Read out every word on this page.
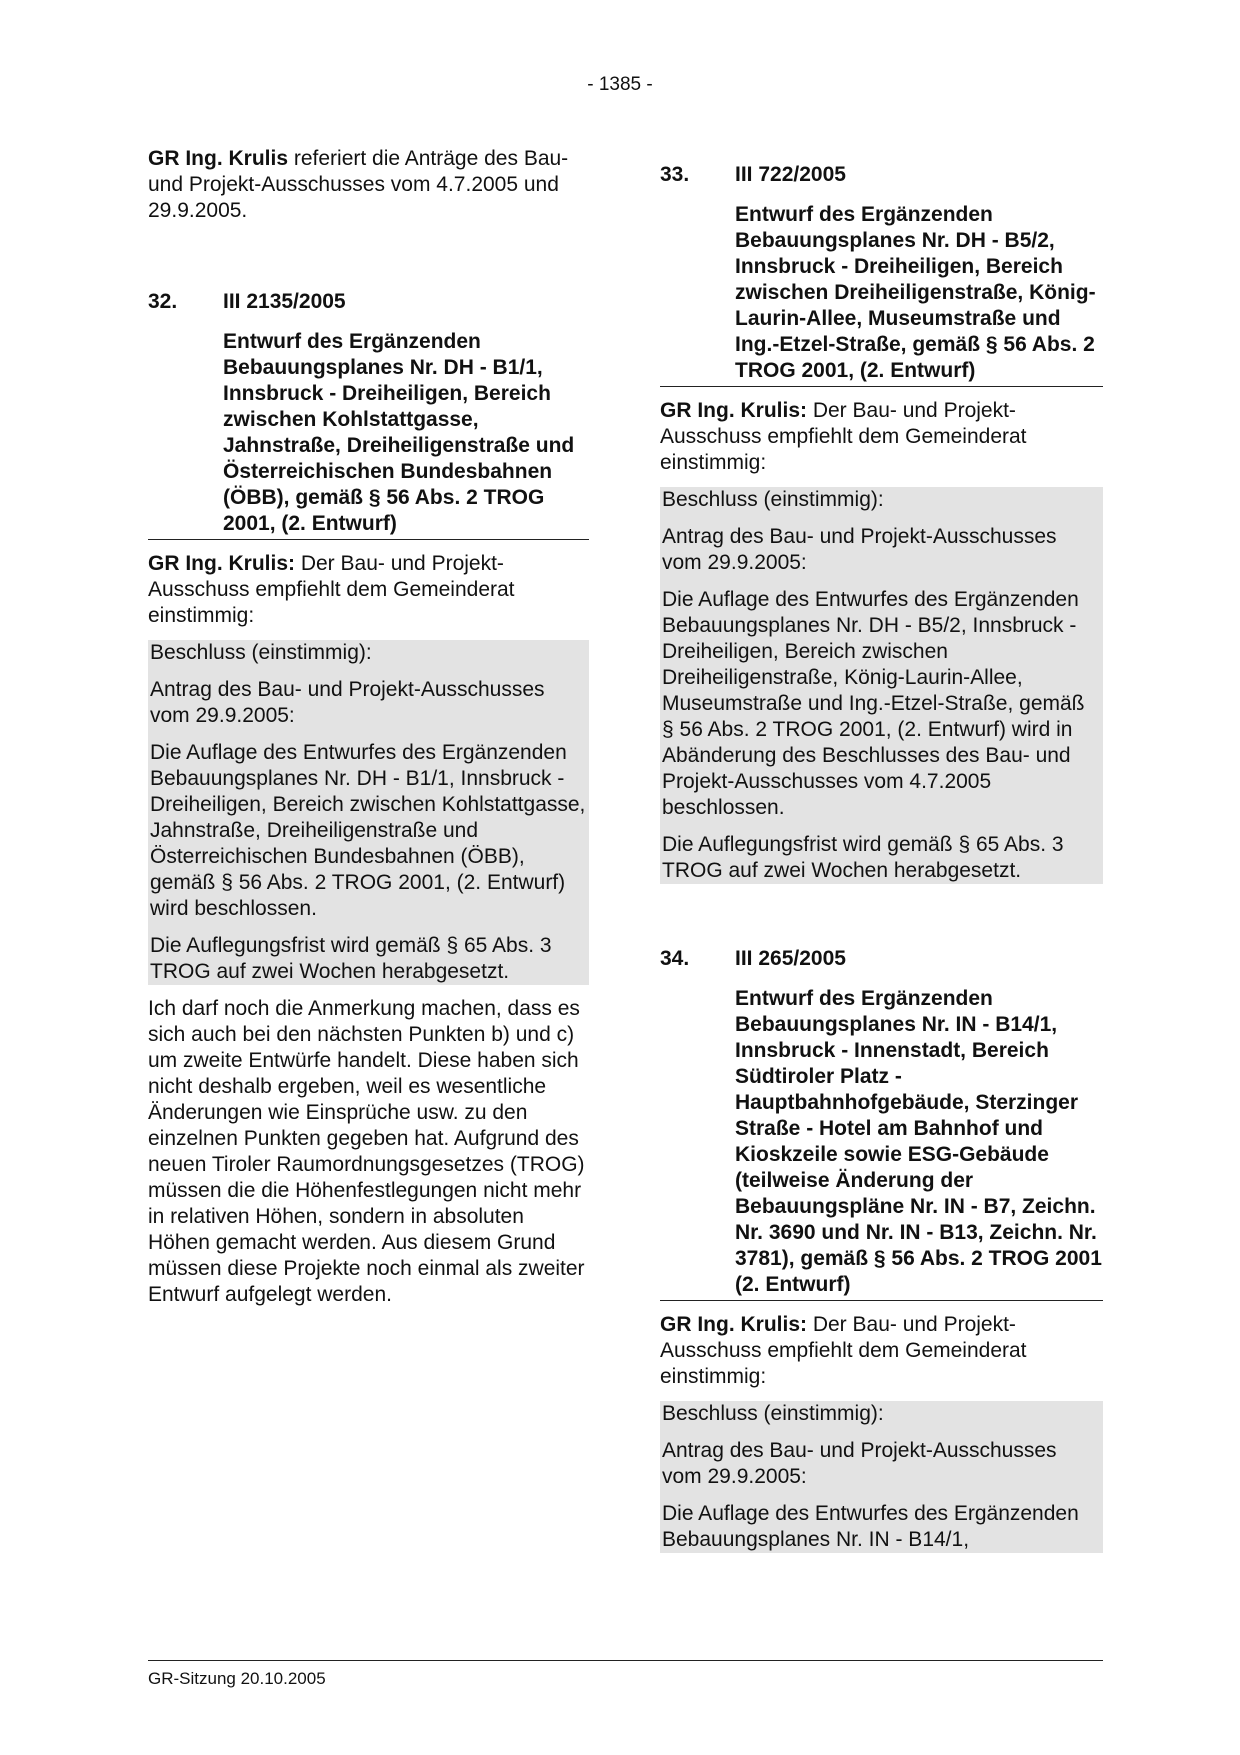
- 1385 -

GR Ing. Krulis referiert die Anträge des Bau- und Projekt-Ausschusses vom 4.7.2005 und 29.9.2005.

32.	III 2135/2005

Entwurf des Ergänzenden Bebauungsplanes Nr. DH - B1/1, Innsbruck - Dreiheiligen, Bereich zwischen Kohlstattgasse, Jahnstraße, Dreiheiligenstraße und Österreichischen Bundesbahnen (ÖBB), gemäß § 56 Abs. 2 TROG 2001, (2. Entwurf)

GR Ing. Krulis: Der Bau- und Projekt-Ausschuss empfiehlt dem Gemeinderat einstimmig:

Beschluss (einstimmig):

Antrag des Bau- und Projekt-Ausschusses vom 29.9.2005:

Die Auflage des Entwurfes des Ergänzenden Bebauungsplanes Nr. DH - B1/1, Innsbruck - Dreiheiligen, Bereich zwischen Kohlstattgasse, Jahnstraße, Dreiheiligenstraße und Österreichischen Bundesbahnen (ÖBB), gemäß § 56 Abs. 2 TROG 2001, (2. Entwurf) wird beschlossen.

Die Auflegungsfrist wird gemäß § 65 Abs. 3 TROG auf zwei Wochen herabgesetzt.

Ich darf noch die Anmerkung machen, dass es sich auch bei den nächsten Punkten b) und c) um zweite Entwürfe handelt. Diese haben sich nicht deshalb ergeben, weil es wesentliche Änderungen wie Einsprüche usw. zu den einzelnen Punkten gegeben hat. Aufgrund des neuen Tiroler Raumordnungsgesetzes (TROG) müssen die die Höhenfestlegungen nicht mehr in relativen Höhen, sondern in absoluten Höhen gemacht werden. Aus diesem Grund müssen diese Projekte noch einmal als zweiter Entwurf aufgelegt werden.

33.	III 722/2005

Entwurf des Ergänzenden Bebauungsplanes Nr. DH - B5/2, Innsbruck - Dreiheiligen, Bereich zwischen Dreiheiligenstraße, König-Laurin-Allee, Museumstraße und Ing.-Etzel-Straße, gemäß § 56 Abs. 2 TROG 2001, (2. Entwurf)

GR Ing. Krulis: Der Bau- und Projekt-Ausschuss empfiehlt dem Gemeinderat einstimmig:

Beschluss (einstimmig):

Antrag des Bau- und Projekt-Ausschusses vom 29.9.2005:

Die Auflage des Entwurfes des Ergänzenden Bebauungsplanes Nr. DH - B5/2, Innsbruck - Dreiheiligen, Bereich zwischen Dreiheiligenstraße, König-Laurin-Allee, Museumstraße und Ing.-Etzel-Straße, gemäß § 56 Abs. 2 TROG 2001, (2. Entwurf) wird in Abänderung des Beschlusses des Bau- und Projekt-Ausschusses vom 4.7.2005 beschlossen.

Die Auflegungsfrist wird gemäß § 65 Abs. 3 TROG auf zwei Wochen herabgesetzt.

34.	III 265/2005

Entwurf des Ergänzenden Bebauungsplanes Nr. IN - B14/1, Innsbruck - Innenstadt, Bereich Südtiroler Platz - Hauptbahnhofgebäude, Sterzinger Straße - Hotel am Bahnhof und Kioskzeile sowie ESG-Gebäude (teilweise Änderung der Bebauungspläne Nr. IN - B7, Zeichn. Nr. 3690 und Nr. IN - B13, Zeichn. Nr. 3781), gemäß § 56 Abs. 2 TROG 2001 (2. Entwurf)

GR Ing. Krulis: Der Bau- und Projekt-Ausschuss empfiehlt dem Gemeinderat einstimmig:

Beschluss (einstimmig):

Antrag des Bau- und Projekt-Ausschusses vom 29.9.2005:

Die Auflage des Entwurfes des Ergänzenden Bebauungsplanes Nr. IN - B14/1,

GR-Sitzung 20.10.2005
